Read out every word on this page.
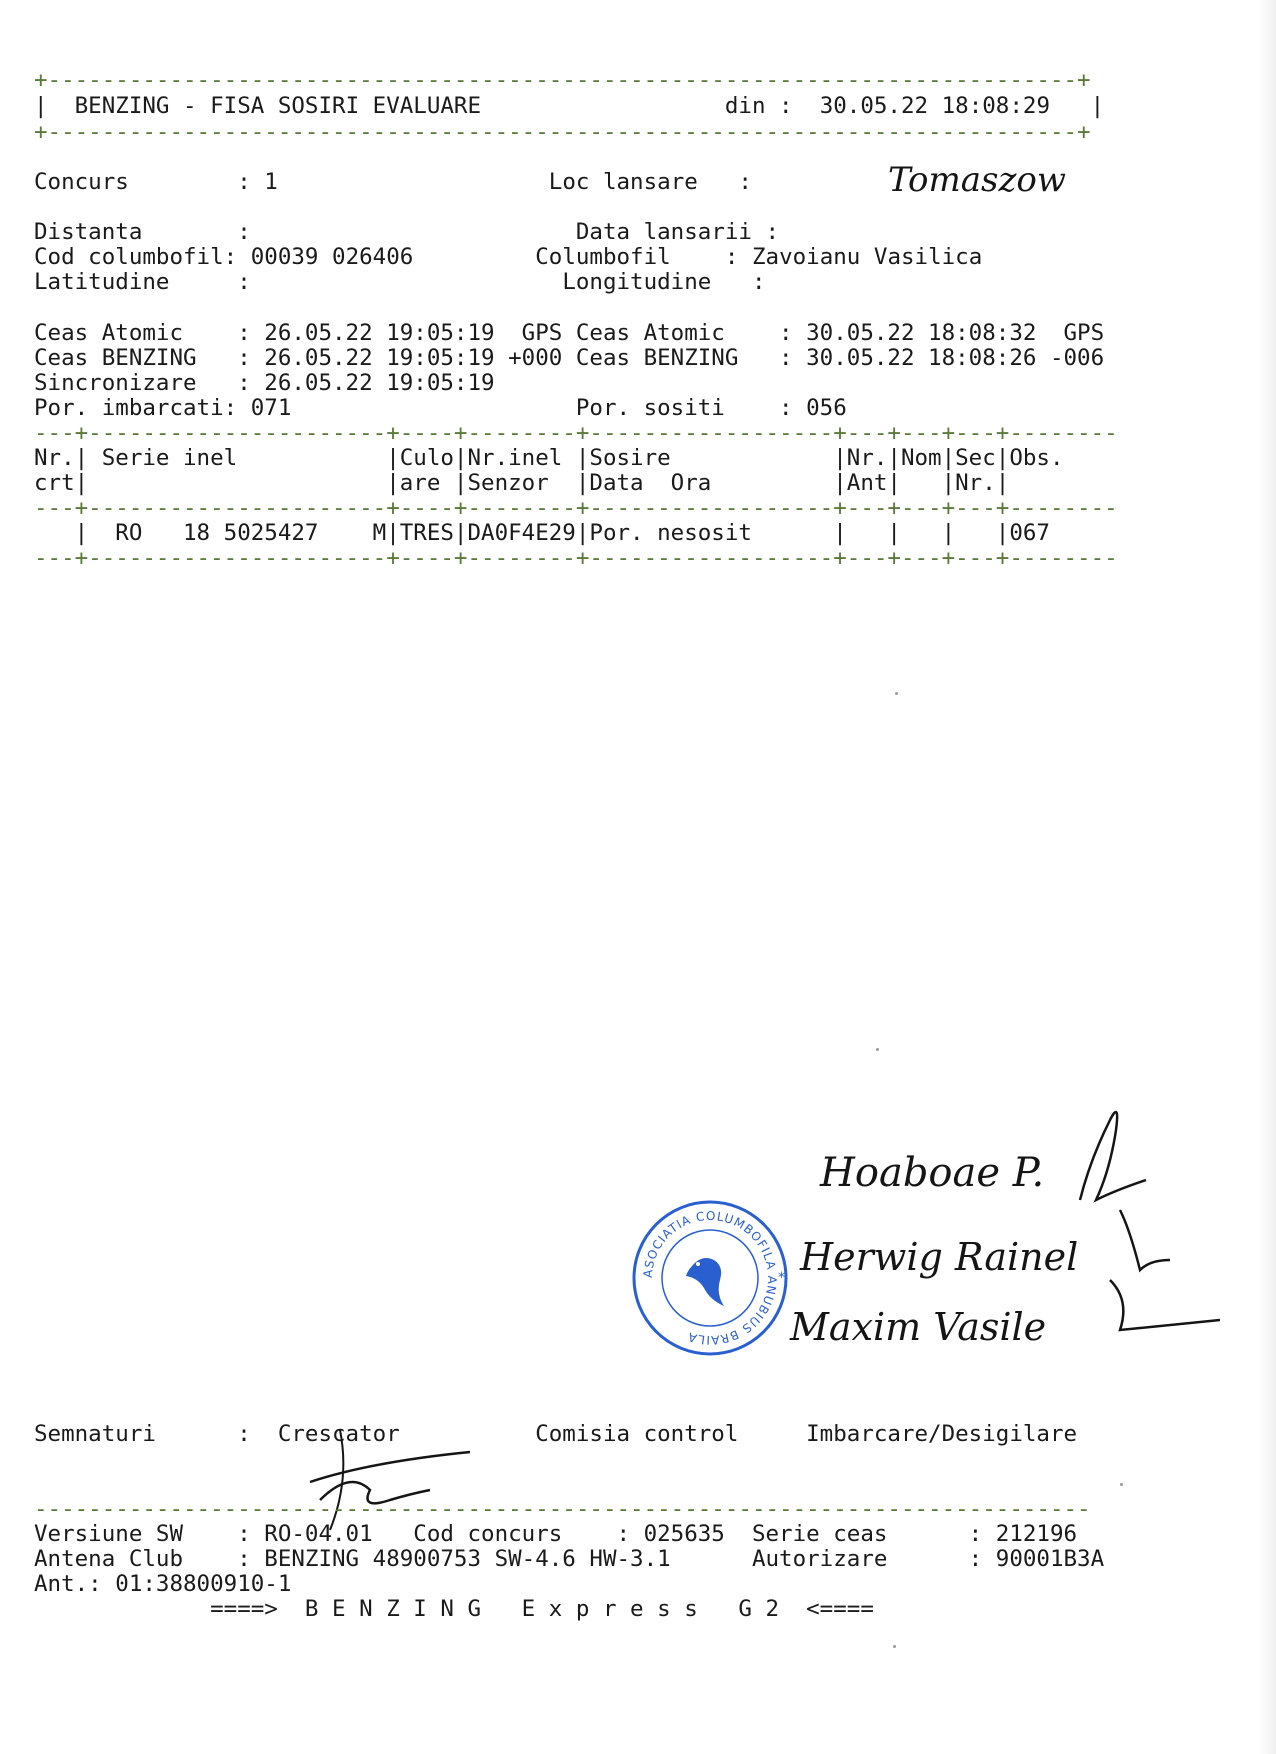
+----------------------------------------------------------------------------+
|  BENZING - FISA SOSIRI EVALUARE	din : 30.05.22 18:08:29   |
+----------------------------------------------------------------------------+
Concurs        : 1	Loc lansare   :	Tomaszow
Distanta       :	Data lansarii :
Cod columbofil: 00039 026406	Columbofil    : Zavoianu Vasilica
Latitudine     :	Longitudine   :
Ceas Atomic    : 26.05.22 19:05:19  GPS Ceas Atomic    : 30.05.22 18:08:32  GPS
Ceas BENZING   : 26.05.22 19:05:19 +000 Ceas BENZING   : 30.05.22 18:08:26 -006
Sincronizare   : 26.05.22 19:05:19
Por. imbarcati: 071                     Por. sositi    : 056
---+----------------------+----+--------+------------------+---+---+---+--------
Nr.| Serie inel           |Culo|Nr.inel |Sosire            |Nr.|Nom|Sec|Obs.
crt|                      |are |Senzor  |Data  Ora         |Ant|   |Nr.|
---+----------------------+----+--------+------------------+---+---+---+--------
|  RO   18 5025427    M|TRES|DA0F4E29|Por. nesosit      |   |   |   |067
---+----------------------+----+--------+------------------+---+---+---+--------
ASOCIATIA COLUMBOFILA ANUBIUS BRAILA
*
Hoaboae P.
Herwig Rainel
Maxim Vasile
Semnaturi      :  Crescator          Comisia control     Imbarcare/Desigilare
------------------------------------------------------------------------------
Versiune SW    : RO-04.01   Cod concurs    : 025635  Serie ceas      : 212196
Antena Club    : BENZING 48900753 SW-4.6 HW-3.1      Autorizare      : 90001B3A
Ant.: 01:38800910-1
====>  B E N Z I N G   E x p r e s s   G 2  <====
